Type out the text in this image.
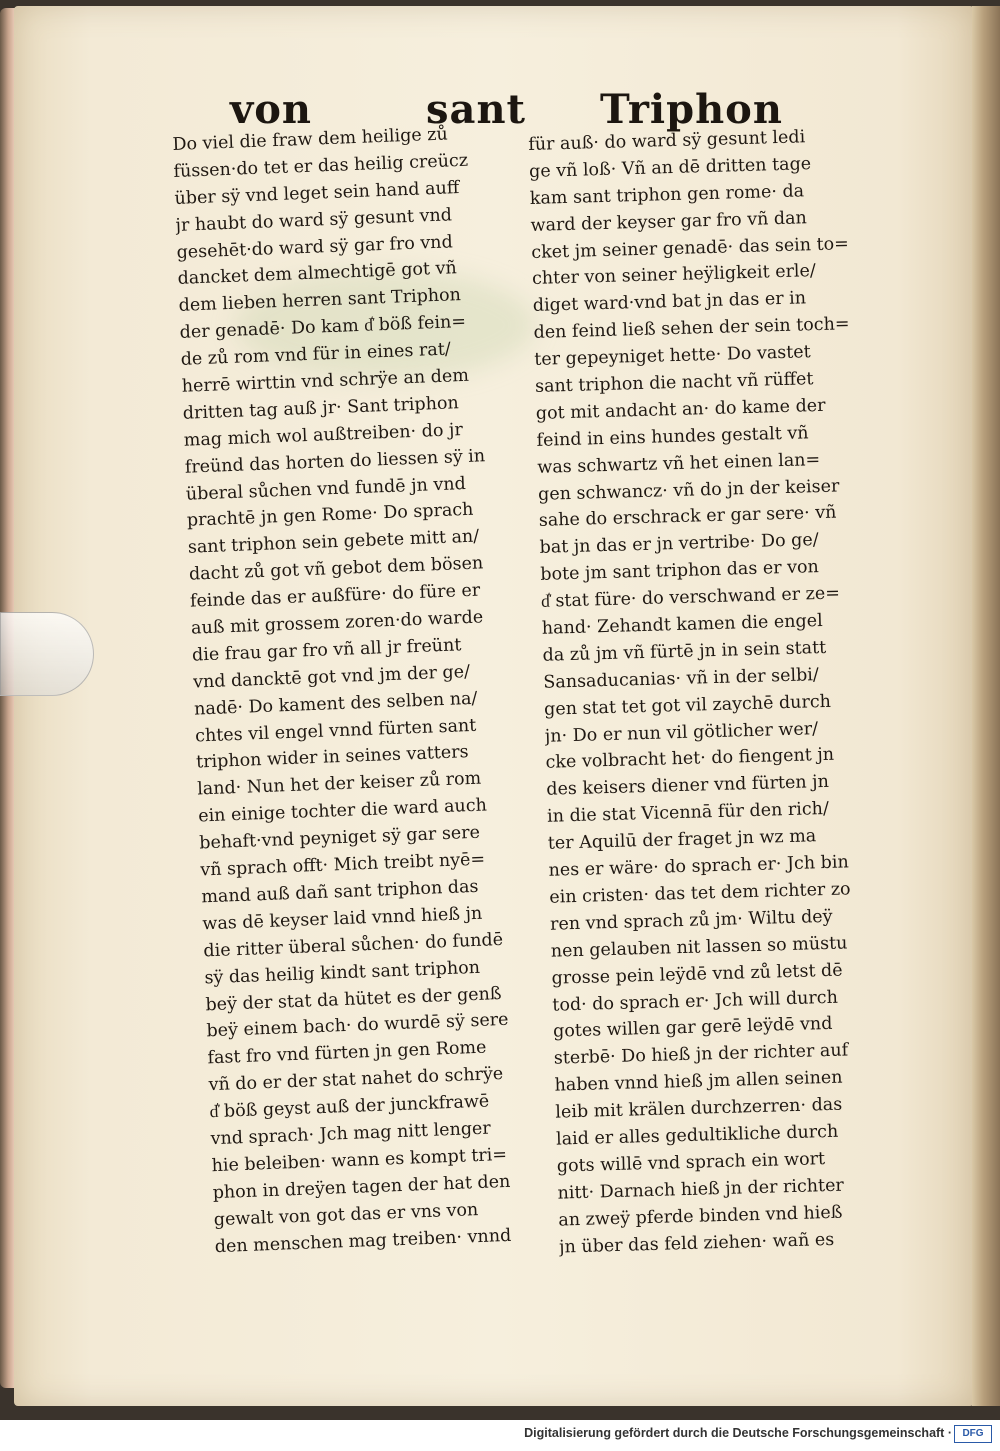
von	sant Triphon
Do viel die fraw dem heilige zů
füssen·do tet er das heilig creücz
über sÿ vnd leget sein hand auff
jr haubt do ward sÿ gesunt vnd
gesehēt·do ward sÿ gar fro vnd
dancket dem almechtigē got vñ
dem lieben herren sant Triphon
der genadē· Do kam d͛ böß fein=
de zů rom vnd für in eines rat/
herrē wirttin vnd schrÿe an dem
dritten tag auß jr· Sant triphon
mag mich wol außtreiben· do jr
freünd das horten do liessen sÿ in
überal sůchen vnd fundē jn vnd
prachtē jn gen Rome· Do sprach
sant triphon sein gebete mitt an/
dacht zů got vñ gebot dem bösen
feinde das er außfüre· do füre er
auß mit grossem zoren·do warde
die frau gar fro vñ all jr freünt
vnd dancktē got vnd jm der ge/
nadē· Do kament des selben na/
chtes vil engel vnnd fürten sant
triphon wider in seines vatters
land· Nun het der keiser zů rom
ein einige tochter die ward auch
behaft·vnd peyniget sÿ gar sere
vñ sprach offt· Mich treibt nyē=
mand auß dañ sant triphon das
was dē keyser laid vnnd hieß jn
die ritter überal sůchen· do fundē
sÿ das heilig kindt sant triphon
beÿ der stat da hütet es der genß
beÿ einem bach· do wurdē sÿ sere
fast fro vnd fürten jn gen Rome
vñ do er der stat nahet do schrÿe
d͛ böß geyst auß der junckfrawē
vnd sprach· Jch mag nitt lenger
hie beleiben· wann es kompt tri=
phon in dreÿen tagen der hat den
gewalt von got das er vns von
den menschen mag treiben· vnnd
für auß· do ward sÿ gesunt ledi
ge vñ loß· Vñ an dē dritten tage
kam sant triphon gen rome· da
ward der keyser gar fro vñ dan
cket jm seiner genadē· das sein to=
chter von seiner heÿligkeit erle/
diget ward·vnd bat jn das er in
den feind ließ sehen der sein toch=
ter gepeyniget hette· Do vastet
sant triphon die nacht vñ rüffet
got mit andacht an· do kame der
feind in eins hundes gestalt vñ
was schwartz vñ het einen lan=
gen schwancz· vñ do jn der keiser
sahe do erschrack er gar sere· vñ
bat jn das er jn vertribe· Do ge/
bote jm sant triphon das er von
d͛ stat füre· do verschwand er ze=
hand· Zehandt kamen die engel
da zů jm vñ fürtē jn in sein statt
Sansaducanias· vñ in der selbi/
gen stat tet got vil zaychē durch
jn· Do er nun vil götlicher wer/
cke volbracht het· do fiengent jn
des keisers diener vnd fürten jn
in die stat Vicennā für den rich/
ter Aquilū der fraget jn wz ma
nes er wäre· do sprach er· Jch bin
ein cristen· das tet dem richter zo
ren vnd sprach zů jm· Wiltu deÿ
nen gelauben nit lassen so müstu
grosse pein leÿdē vnd zů letst dē
tod· do sprach er· Jch will durch
gotes willen gar gerē leÿdē vnd
sterbē· Do hieß jn der richter auf
haben vnnd hieß jm allen seinen
leib mit krälen durchzerren· das
laid er alles gedultikliche durch
gots willē vnd sprach ein wort
nitt· Darnach hieß jn der richter
an zweÿ pferde binden vnd hieß
jn über das feld ziehen· wañ es
Digitalisierung gefördert durch die Deutsche Forschungsgemeinschaft ·	DFG
